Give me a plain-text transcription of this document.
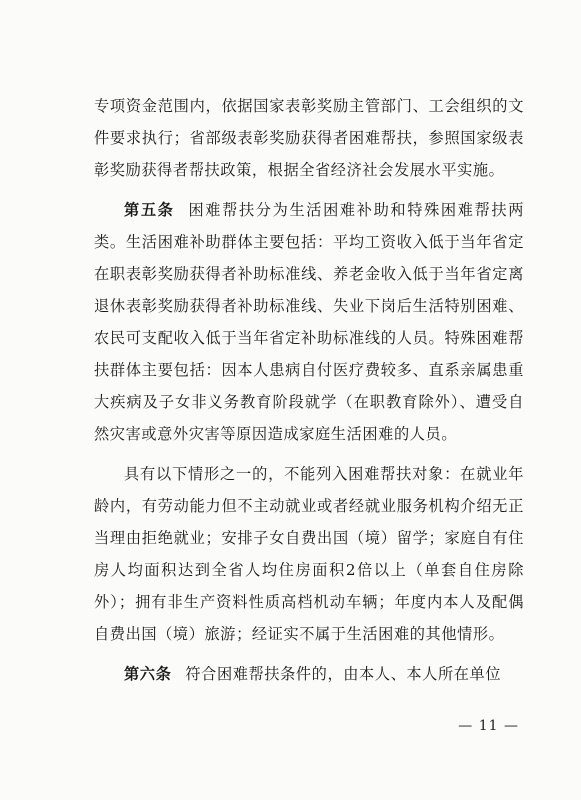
专项资金范围内，依据国家表彰奖励主管部门、工会组织的文件要求执行；省部级表彰奖励获得者困难帮扶，参照国家级表彰奖励获得者帮扶政策，根据全省经济社会发展水平实施。

第五条 困难帮扶分为生活困难补助和特殊困难帮扶两类。生活困难补助群体主要包括：平均工资收入低于当年省定在职表彰奖励获得者补助标准线、养老金收入低于当年省定离退休表彰奖励获得者补助标准线、失业下岗后生活特别困难、农民可支配收入低于当年省定补助标准线的人员。特殊困难帮扶群体主要包括：因本人患病自付医疗费较多、直系亲属患重大疾病及子女非义务教育阶段就学（在职教育除外）、遭受自然灾害或意外灾害等原因造成家庭生活困难的人员。

具有以下情形之一的，不能列入困难帮扶对象：在就业年龄内，有劳动能力但不主动就业或者经就业服务机构介绍无正当理由拒绝就业；安排子女自费出国（境）留学；家庭自有住房人均面积达到全省人均住房面积2倍以上（单套自住房除外）；拥有非生产资料性质高档机动车辆；年度内本人及配偶自费出国（境）旅游；经证实不属于生活困难的其他情形。

第六条 符合困难帮扶条件的，由本人、本人所在单位

— 11 —
